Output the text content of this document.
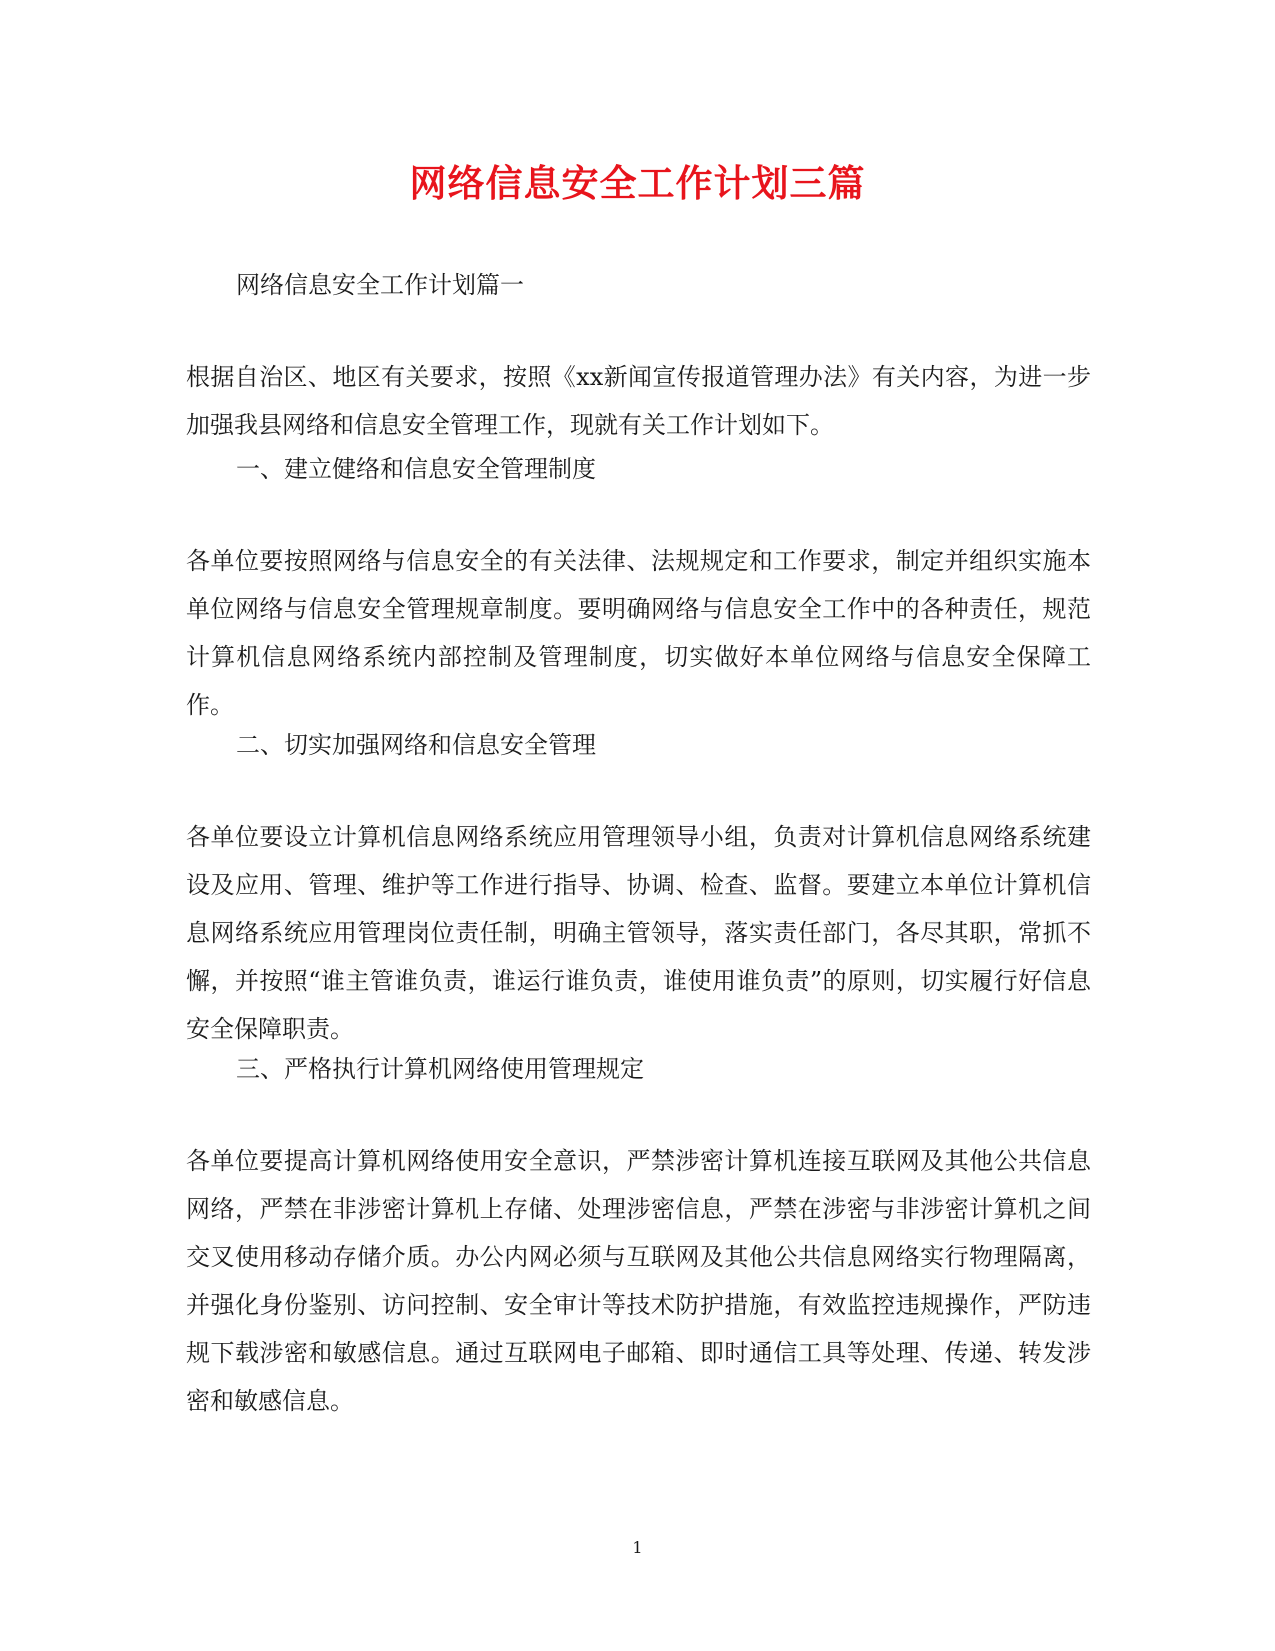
网络信息安全工作计划三篇

网络信息安全工作计划篇一

根据自治区、地区有关要求，按照《xx新闻宣传报道管理办法》有关内容，为进一步加强我县网络和信息安全管理工作，现就有关工作计划如下。

一、建立健络和信息安全管理制度

各单位要按照网络与信息安全的有关法律、法规规定和工作要求，制定并组织实施本单位网络与信息安全管理规章制度。要明确网络与信息安全工作中的各种责任，规范计算机信息网络系统内部控制及管理制度，切实做好本单位网络与信息安全保障工作。

二、切实加强网络和信息安全管理

各单位要设立计算机信息网络系统应用管理领导小组，负责对计算机信息网络系统建设及应用、管理、维护等工作进行指导、协调、检查、监督。要建立本单位计算机信息网络系统应用管理岗位责任制，明确主管领导，落实责任部门，各尽其职，常抓不懈，并按照“谁主管谁负责，谁运行谁负责，谁使用谁负责”的原则，切实履行好信息安全保障职责。

三、严格执行计算机网络使用管理规定

各单位要提高计算机网络使用安全意识，严禁涉密计算机连接互联网及其他公共信息网络，严禁在非涉密计算机上存储、处理涉密信息，严禁在涉密与非涉密计算机之间交叉使用移动存储介质。办公内网必须与互联网及其他公共信息网络实行物理隔离，并强化身份鉴别、访问控制、安全审计等技术防护措施，有效监控违规操作，严防违规下载涉密和敏感信息。通过互联网电子邮箱、即时通信工具等处理、传递、转发涉密和敏感信息。

1
